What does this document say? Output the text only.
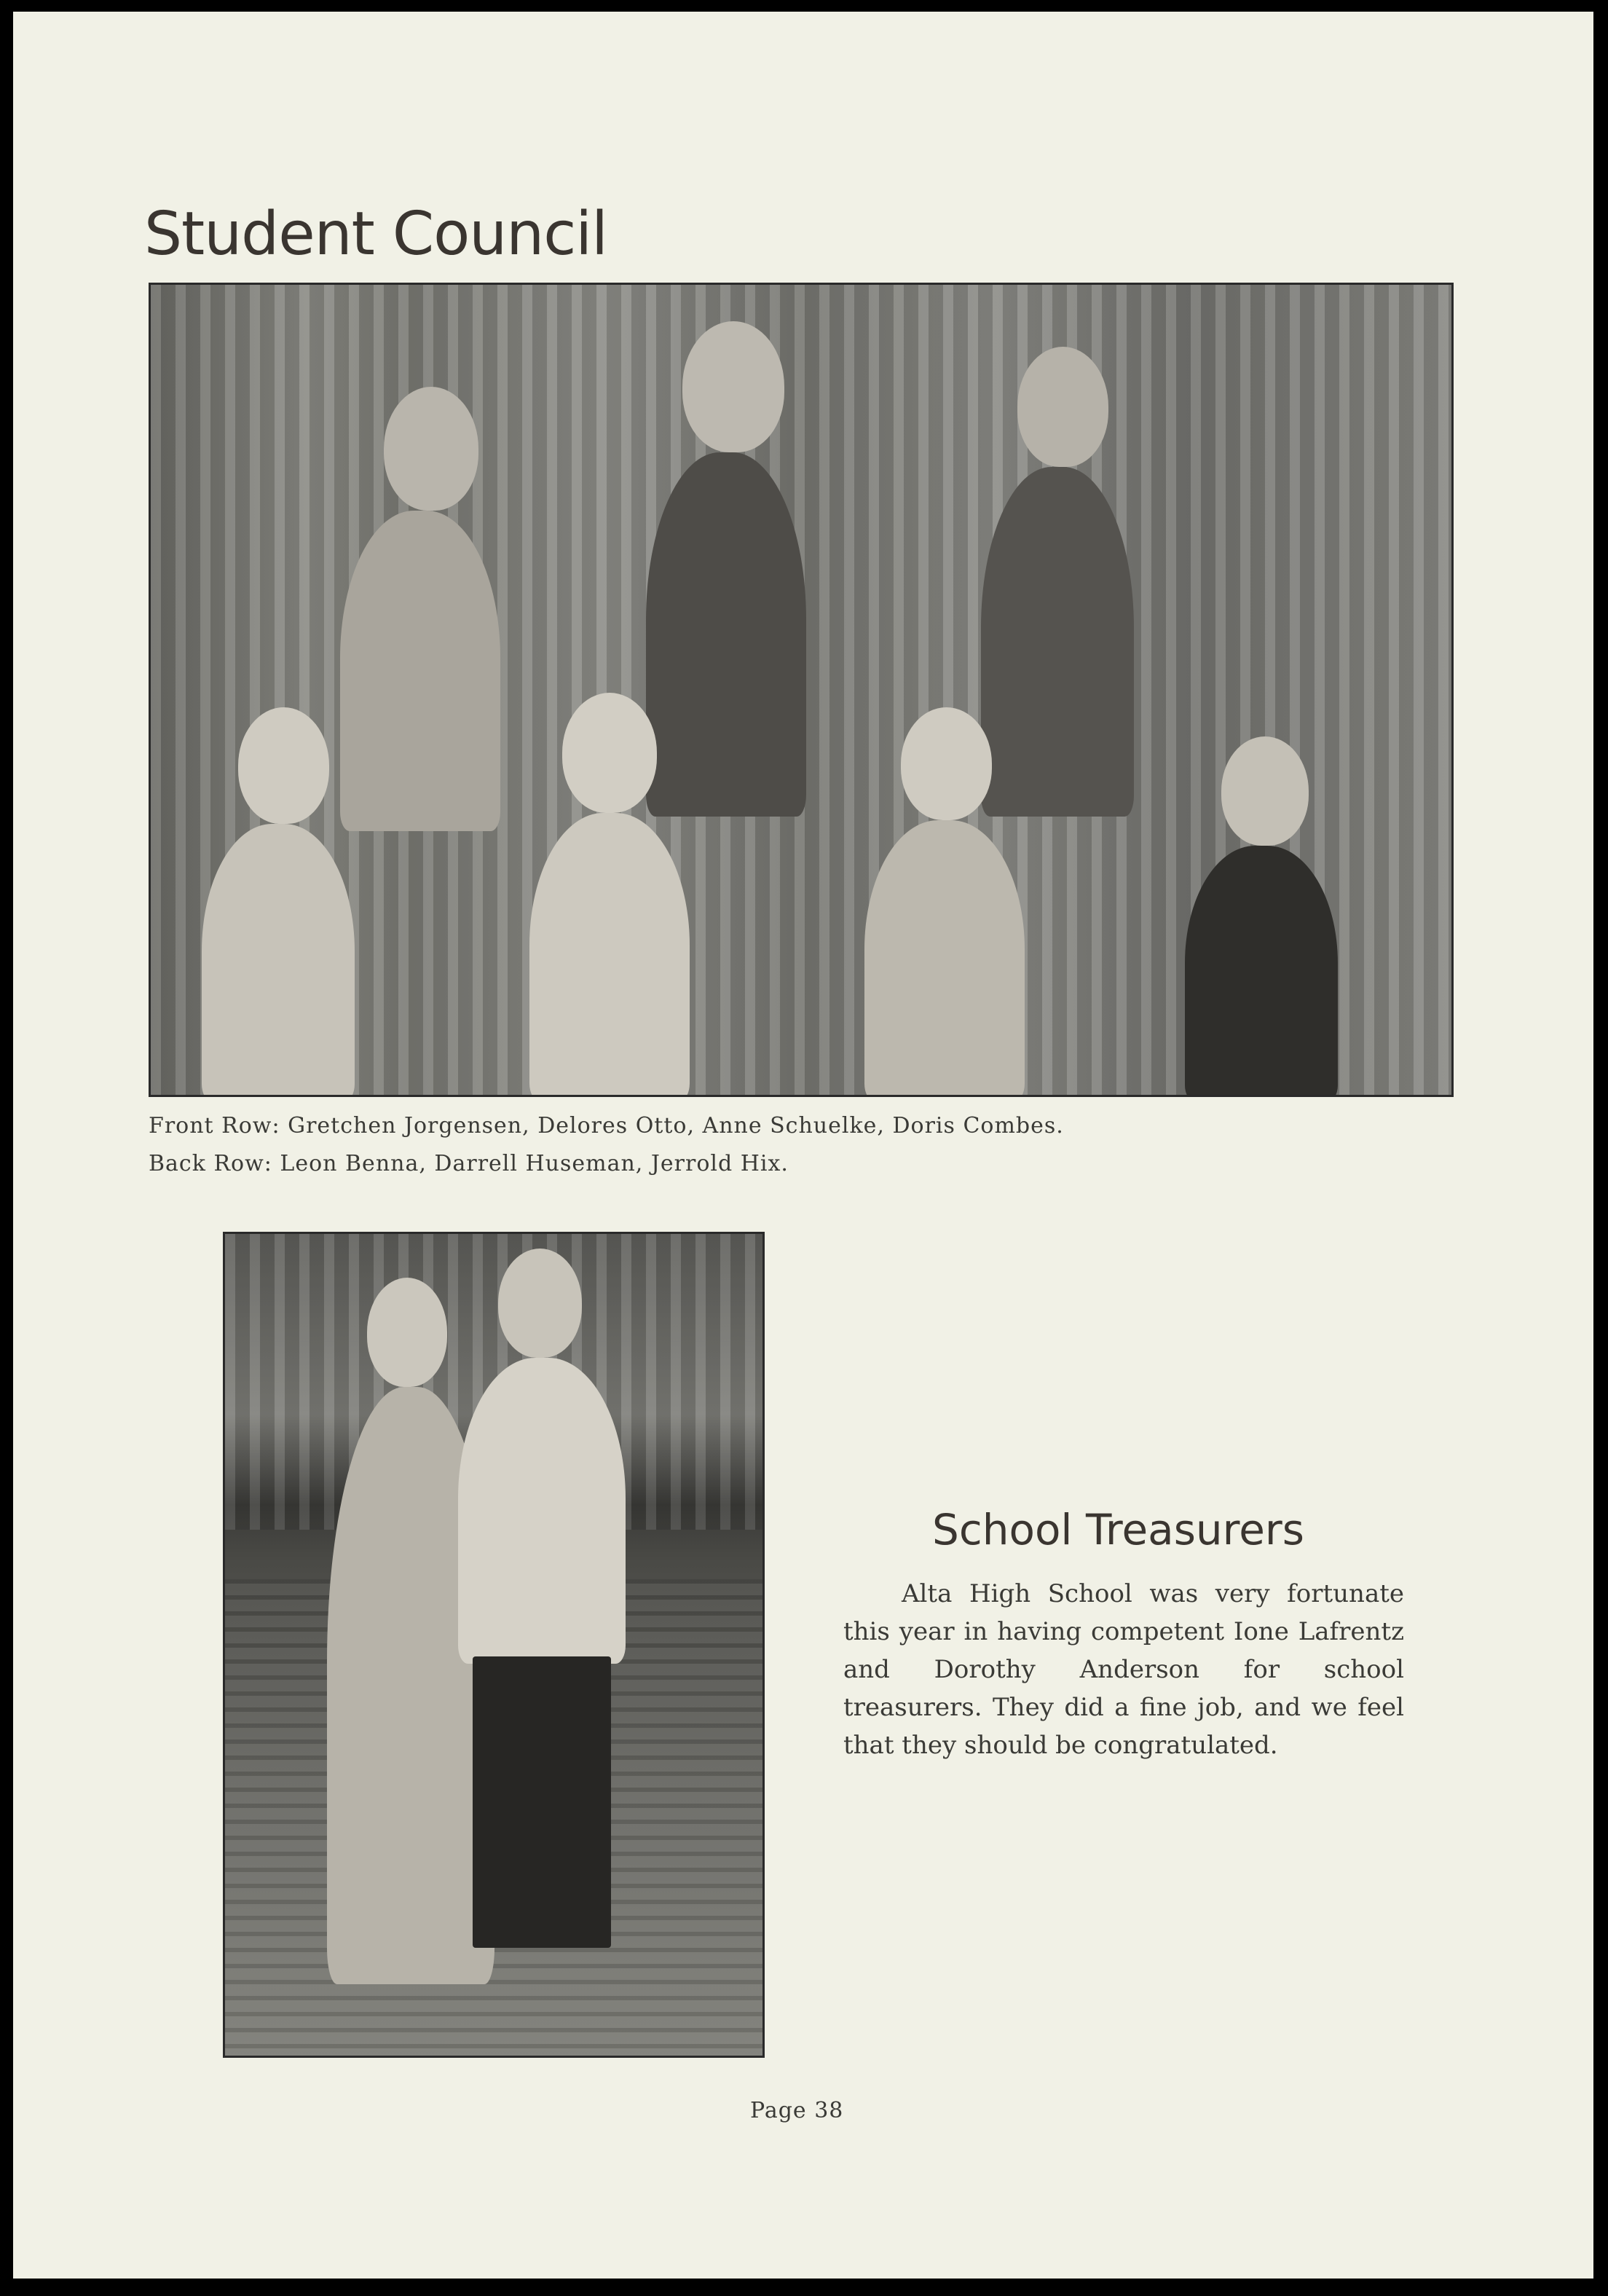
Student Council

Front Row: Gretchen Jorgensen, Delores Otto, Anne Schuelke, Doris Combes.

Back Row: Leon Benna, Darrell Huseman, Jerrold Hix.

School Treasurers

Alta High School was very fortunate this year in having competent Ione Lafrentz and Dorothy Anderson for school treasurers. They did a fine job, and we feel that they should be congratulated.

Page 38
